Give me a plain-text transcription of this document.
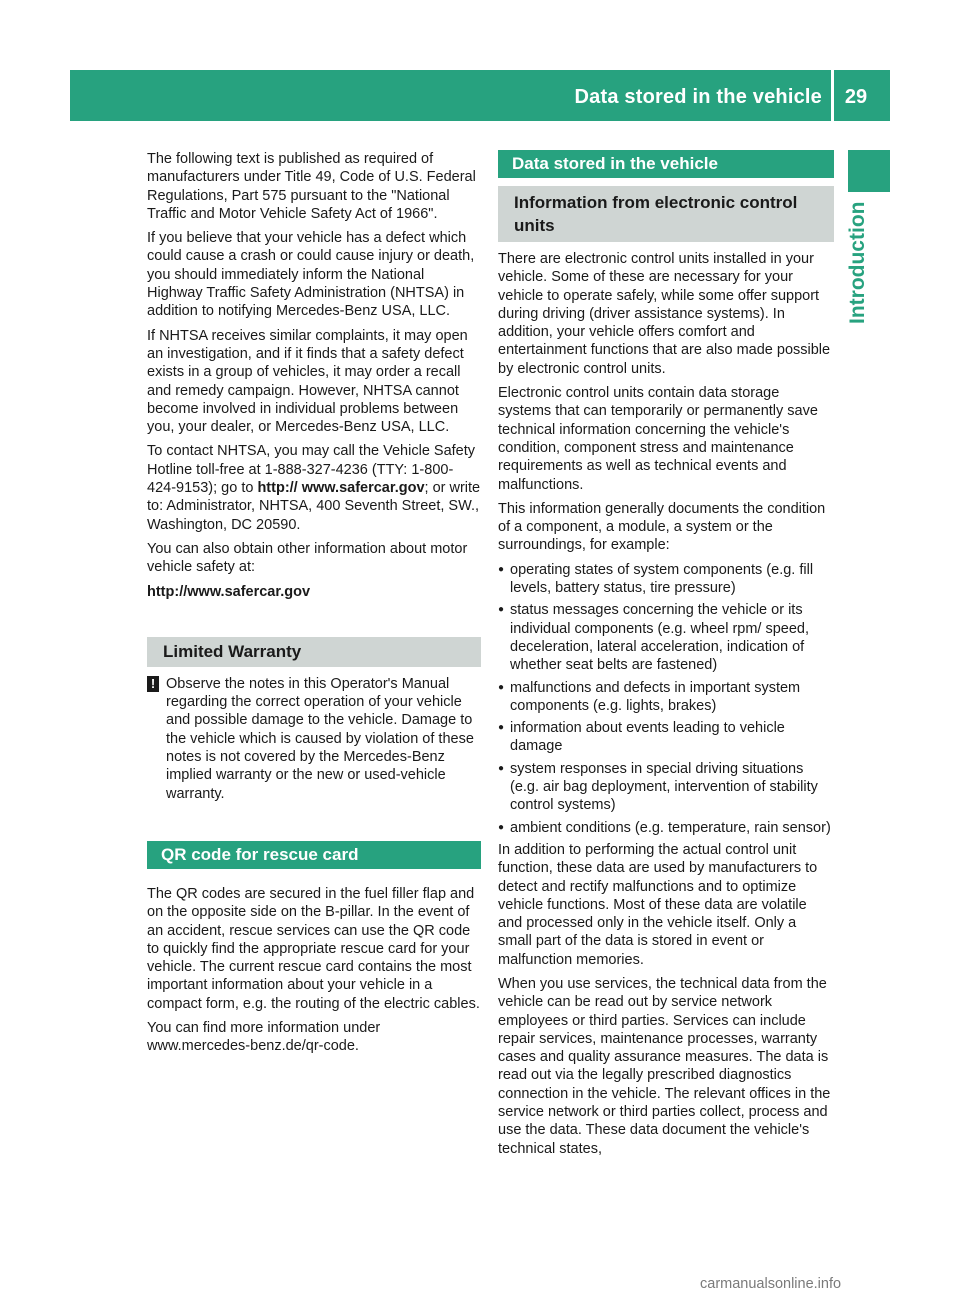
Data stored in the vehicle	29
Introduction

The following text is published as required of manufacturers under Title 49, Code of U.S. Federal Regulations, Part 575 pursuant to the "National Traffic and Motor Vehicle Safety Act of 1966".

If you believe that your vehicle has a defect which could cause a crash or could cause injury or death, you should immediately inform the National Highway Traffic Safety Administration (NHTSA) in addition to notifying Mercedes-Benz USA, LLC.

If NHTSA receives similar complaints, it may open an investigation, and if it finds that a safety defect exists in a group of vehicles, it may order a recall and remedy campaign. However, NHTSA cannot become involved in individual problems between you, your dealer, or Mercedes-Benz USA, LLC.

To contact NHTSA, you may call the Vehicle Safety Hotline toll-free at 1-888-327-4236 (TTY: 1-800-424-9153); go to http:// www.safercar.gov; or write to: Administrator, NHTSA, 400 Seventh Street, SW., Washington, DC 20590.

You can also obtain other information about motor vehicle safety at:

http://www.safercar.gov

Limited Warranty
! Observe the notes in this Operator's Manual regarding the correct operation of your vehicle and possible damage to the vehicle. Damage to the vehicle which is caused by violation of these notes is not covered by the Mercedes-Benz implied warranty or the new or used-vehicle warranty.
QR code for rescue card

The QR codes are secured in the fuel filler flap and on the opposite side on the B-pillar. In the event of an accident, rescue services can use the QR code to quickly find the appropriate rescue card for your vehicle. The current rescue card contains the most important information about your vehicle in a compact form, e.g. the routing of the electric cables.

You can find more information under www.mercedes-benz.de/qr-code.

Data stored in the vehicle
Information from electronic control units

There are electronic control units installed in your vehicle. Some of these are necessary for your vehicle to operate safely, while some offer support during driving (driver assistance systems). In addition, your vehicle offers comfort and entertainment functions that are also made possible by electronic control units.

Electronic control units contain data storage systems that can temporarily or permanently save technical information concerning the vehicle's condition, component stress and maintenance requirements as well as technical events and malfunctions.

This information generally documents the condition of a component, a module, a system or the surroundings, for example:

● operating states of system components (e.g. fill levels, battery status, tire pressure)
● status messages concerning the vehicle or its individual components (e.g. wheel rpm/ speed, deceleration, lateral acceleration, indication of whether seat belts are fastened)
● malfunctions and defects in important system components (e.g. lights, brakes)
● information about events leading to vehicle damage
● system responses in special driving situations (e.g. air bag deployment, intervention of stability control systems)
● ambient conditions (e.g. temperature, rain sensor)

In addition to performing the actual control unit function, these data are used by manufacturers to detect and rectify malfunctions and to optimize vehicle functions. Most of these data are volatile and processed only in the vehicle itself. Only a small part of the data is stored in event or malfunction memories.

When you use services, the technical data from the vehicle can be read out by service network employees or third parties. Services can include repair services, maintenance processes, warranty cases and quality assurance measures. The data is read out via the legally prescribed diagnostics connection in the vehicle. The relevant offices in the service network or third parties collect, process and use the data. These data document the vehicle's technical states,

carmanualsonline.info
